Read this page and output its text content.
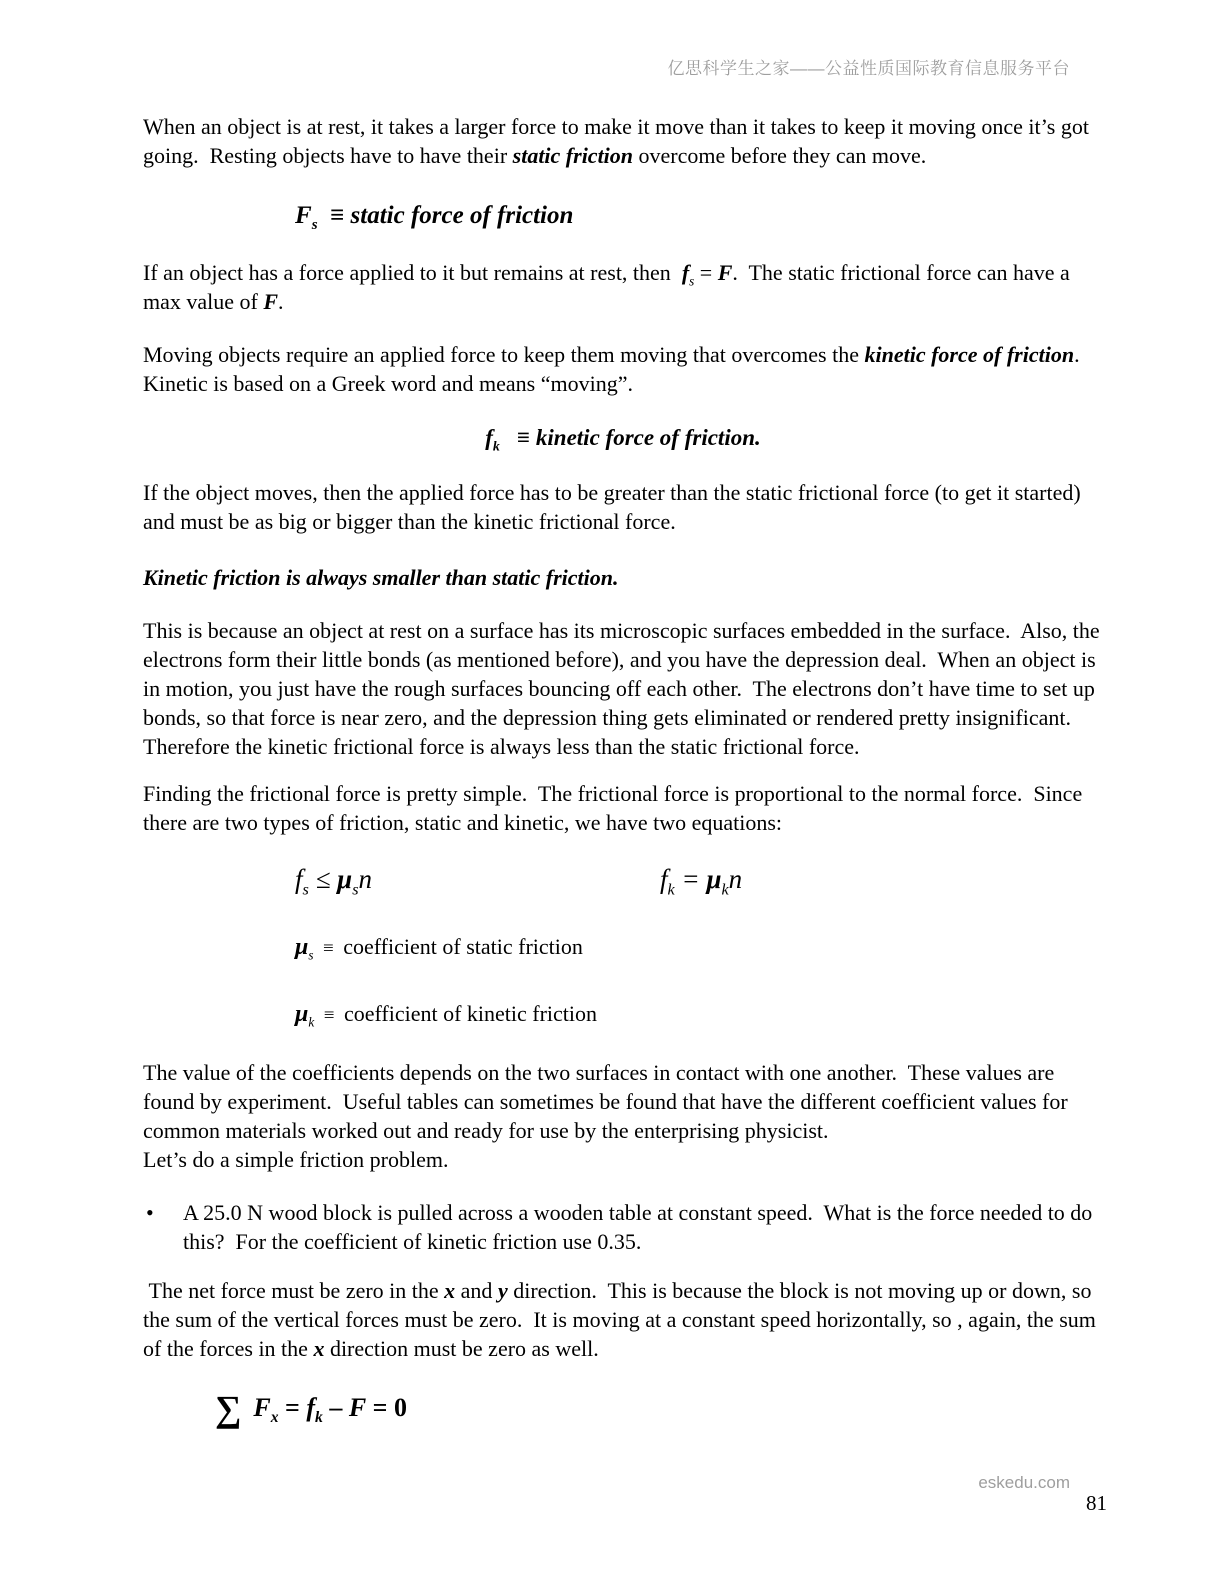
亿思科学生之家——公益性质国际教育信息服务平台

When an object is at rest, it takes a larger force to make it move than it takes to keep it moving once it’s got going.  Resting objects have to have their static friction overcome before they can move.

$F_s$  ≡ static force of friction

If an object has a force applied to it but remains at rest, then  $f_s = F$.  The static frictional force can have a max value of F.

Moving objects require an applied force to keep them moving that overcomes the kinetic force of friction. Kinetic is based on a Greek word and means “moving”.

$f_k$   ≡ kinetic force of friction.

If the object moves, then the applied force has to be greater than the static frictional force (to get it started) and must be as big or bigger than the kinetic frictional force.

Kinetic friction is always smaller than static friction.

This is because an object at rest on a surface has its microscopic surfaces embedded in the surface.  Also, the electrons form their little bonds (as mentioned before), and you have the depression deal.  When an object is in motion, you just have the rough surfaces bouncing off each other.  The electrons don’t have time to set up bonds, so that force is near zero, and the depression thing gets eliminated or rendered pretty insignificant.  Therefore the kinetic frictional force is always less than the static frictional force.

Finding the frictional force is pretty simple.  The frictional force is proportional to the normal force.  Since there are two types of friction, static and kinetic, we have two equations:

$f_s \le \mu_sn$	$f_k = \mu_kn$

$\mu_s$  ≡  coefficient of static friction

$\mu_k$  ≡  coefficient of kinetic friction

The value of the coefficients depends on the two surfaces in contact with one another.  These values are found by experiment.  Useful tables can sometimes be found that have the different coefficient values for common materials worked out and ready for use by the enterprising physicist.
Let’s do a simple friction problem.

•	A 25.0 N wood block is pulled across a wooden table at constant speed.  What is the force needed to do this?  For the coefficient of kinetic friction use 0.35.

The net force must be zero in the x and y direction.  This is because the block is not moving up or down, so the sum of the vertical forces must be zero.  It is moving at a constant speed horizontally, so , again, the sum of the forces in the x direction must be zero as well.

∑ $F_x = f_k - F = 0$

eskedu.com
81
